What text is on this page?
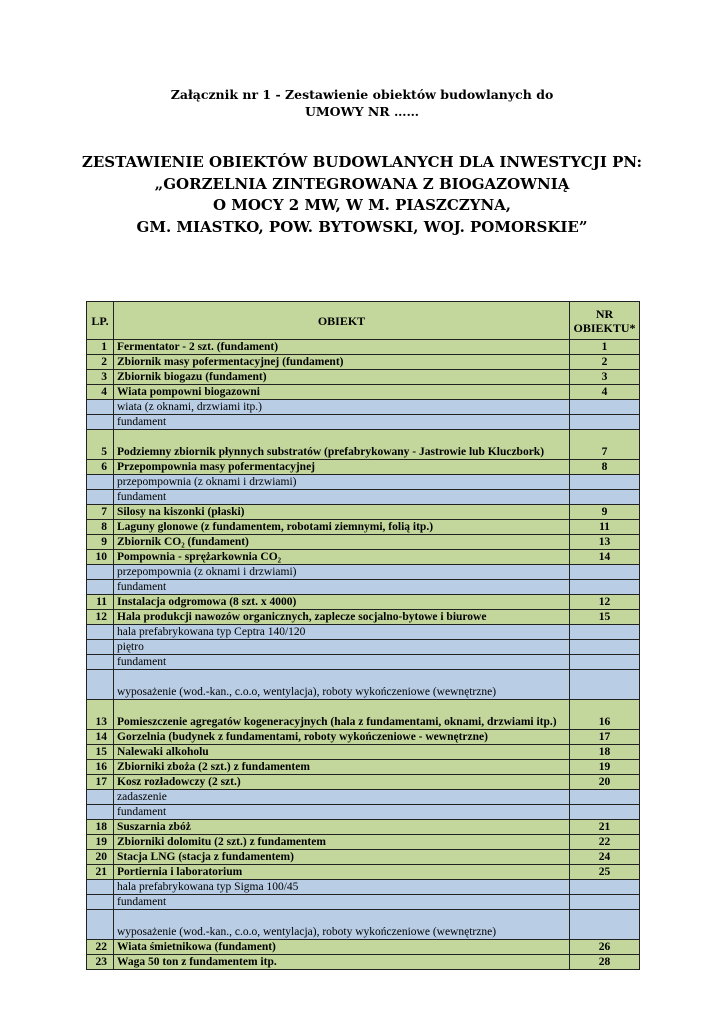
Załącznik nr 1 - Zestawienie obiektów budowlanych do
UMOWY NR ……
ZESTAWIENIE OBIEKTÓW BUDOWLANYCH DLA INWESTYCJI PN:
„GORZELNIA ZINTEGROWANA Z BIOGAZOWNIĄ
O MOCY 2 MW, W M. PIASZCZYNA,
GM. MIASTKO, POW. BYTOWSKI, WOJ. POMORSKIE”
LP.	OBIEKT	NR OBIEKTU*
1	Fermentator - 2 szt. (fundament)	1
2	Zbiornik masy pofermentacyjnej (fundament)	2
3	Zbiornik biogazu (fundament)	3
4	Wiata pompowni biogazowni	4
	wiata (z oknami, drzwiami itp.)	
	fundament	
5	Podziemny zbiornik płynnych substratów (prefabrykowany - Jastrowie lub Kluczbork)	7
6	Przepompownia masy pofermentacyjnej	8
	przepompownia (z oknami i drzwiami)	
	fundament	
7	Silosy na kiszonki (płaski)	9
8	Laguny glonowe (z fundamentem, robotami ziemnymi, folią itp.)	11
9	Zbiornik CO₂ (fundament)	13
10	Pompownia - sprężarkownia CO₂	14
	przepompownia (z oknami i drzwiami)	
	fundament	
11	Instalacja odgromowa (8 szt. x 4000)	12
12	Hala produkcji nawozów organicznych, zaplecze socjalno-bytowe i biurowe	15
	hala prefabrykowana typ Ceptra 140/120	
	piętro	
	fundament	
	wyposażenie (wod.-kan., c.o.o, wentylacja), roboty wykończeniowe (wewnętrzne)	
13	Pomieszczenie agregatów kogeneracyjnych (hala z fundamentami, oknami, drzwiami itp.)	16
14	Gorzelnia (budynek z fundamentami, roboty wykończeniowe - wewnętrzne)	17
15	Nalewaki alkoholu	18
16	Zbiorniki zboża (2 szt.) z fundamentem	19
17	Kosz rozładowczy (2 szt.)	20
	zadaszenie	
	fundament	
18	Suszarnia zbóż	21
19	Zbiorniki dolomitu (2 szt.) z fundamentem	22
20	Stacja LNG (stacja z fundamentem)	24
21	Portiernia i laboratorium	25
	hala prefabrykowana typ Sigma 100/45	
	fundament	
	wyposażenie (wod.-kan., c.o.o, wentylacja), roboty wykończeniowe (wewnętrzne)	
22	Wiata śmietnikowa (fundament)	26
23	Waga 50 ton z fundamentem itp.	28
